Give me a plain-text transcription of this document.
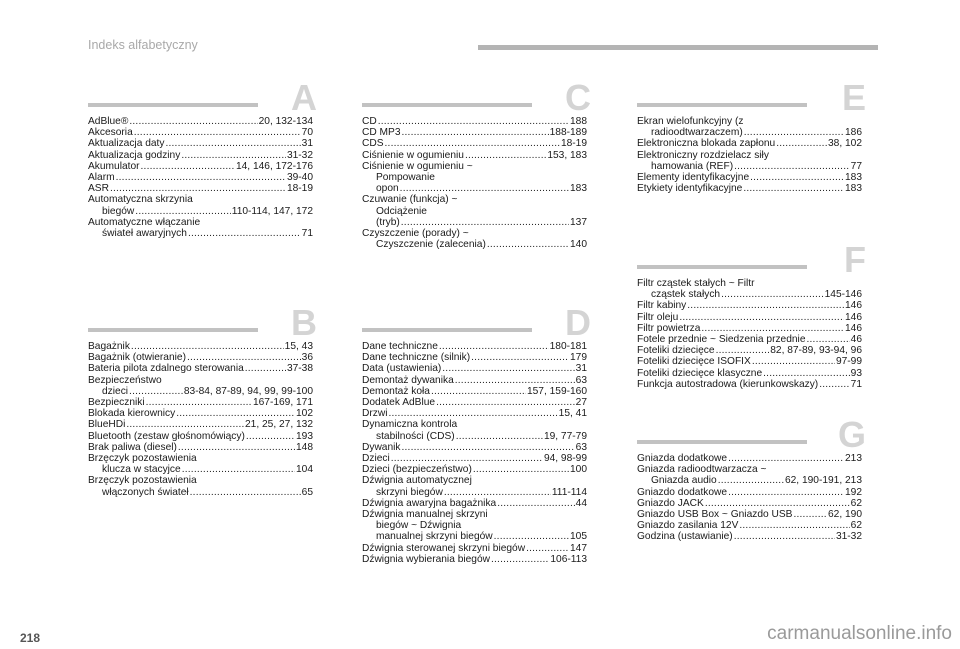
Indeks alfabetyczny
A
AdBlue® .....	20, 132-134
Akcesoria .....	70
Aktualizacja daty .....	31
Aktualizacja godziny .....	31-32
Akumulator .....	14, 146, 172-176
Alarm .....	39-40
ASR .....	18-19
Automatyczna skrzynia
biegów .....	110-114, 147, 172
Automatyczne włączanie
świateł awaryjnych .....	71
B
Bagażnik .....	15, 43
Bagażnik (otwieranie) .....	36
Bateria pilota zdalnego sterowania .....	37-38
Bezpieczeństwo
dzieci .....	83-84, 87-89, 94, 99, 99-100
Bezpieczniki .....	167-169, 171
Blokada kierownicy .....	102
BlueHDi .....	21, 25, 27, 132
Bluetooth (zestaw głośnomówiący) .....	193
Brak paliwa (diesel) .....	148
Brzęczyk pozostawienia
klucza w stacyjce .....	104
Brzęczyk pozostawienia
włączonych świateł .....	65
C
CD .....	188
CD MP3 .....	188-189
CDS .....	18-19
Ciśnienie w ogumieniu .....	153, 183
Ciśnienie w ogumieniu ~
Pompowanie
opon .....	183
Czuwanie (funkcja) ~
Odciążenie
(tryb) .....	137
Czyszczenie (porady) ~
Czyszczenie (zalecenia) .....	140
D
Dane techniczne .....	180-181
Dane techniczne (silnik) .....	179
Data (ustawienia) .....	31
Demontaż dywanika .....	63
Demontaż koła .....	157, 159-160
Dodatek AdBlue .....	27
Drzwi .....	15, 41
Dynamiczna kontrola
stabilności (CDS) .....	19, 77-79
Dywanik .....	63
Dzieci .....	94, 98-99
Dzieci (bezpieczeństwo) .....	100
Dźwignia automatycznej
skrzyni biegów .....	111-114
Dźwignia awaryjna bagażnika .....	44
Dźwignia manualnej skrzyni
biegów ~ Dźwignia
manualnej skrzyni biegów .....	105
Dźwignia sterowanej skrzyni biegów .....	147
Dźwignia wybierania biegów .....	106-113
E
Ekran wielofunkcyjny (z
radioodtwarzaczem) .....	186
Elektroniczna blokada zapłonu .....	38, 102
Elektroniczny rozdzielacz siły
hamowania (REF) .....	77
Elementy identyfikacyjne .....	183
Etykiety identyfikacyjne .....	183
F
Filtr cząstek stałych ~ Filtr
cząstek stałych .....	145-146
Filtr kabiny .....	146
Filtr oleju .....	146
Filtr powietrza .....	146
Fotele przednie ~ Siedzenia przednie .....	46
Foteliki dziecięce .....	82, 87-89, 93-94, 96
Foteliki dziecięce ISOFIX .....	97-99
Foteliki dziecięce klasyczne .....	93
Funkcja autostradowa (kierunkowskazy) .....	71
G
Gniazda dodatkowe .....	213
Gniazda radioodtwarzacza ~
Gniazda audio .....	62, 190-191, 213
Gniazdo dodatkowe .....	192
Gniazdo JACK .....	62
Gniazdo USB Box ~ Gniazdo USB .....	62, 190
Gniazdo zasilania 12V .....	62
Godzina (ustawianie) .....	31-32
218	carmanualsonline.info
